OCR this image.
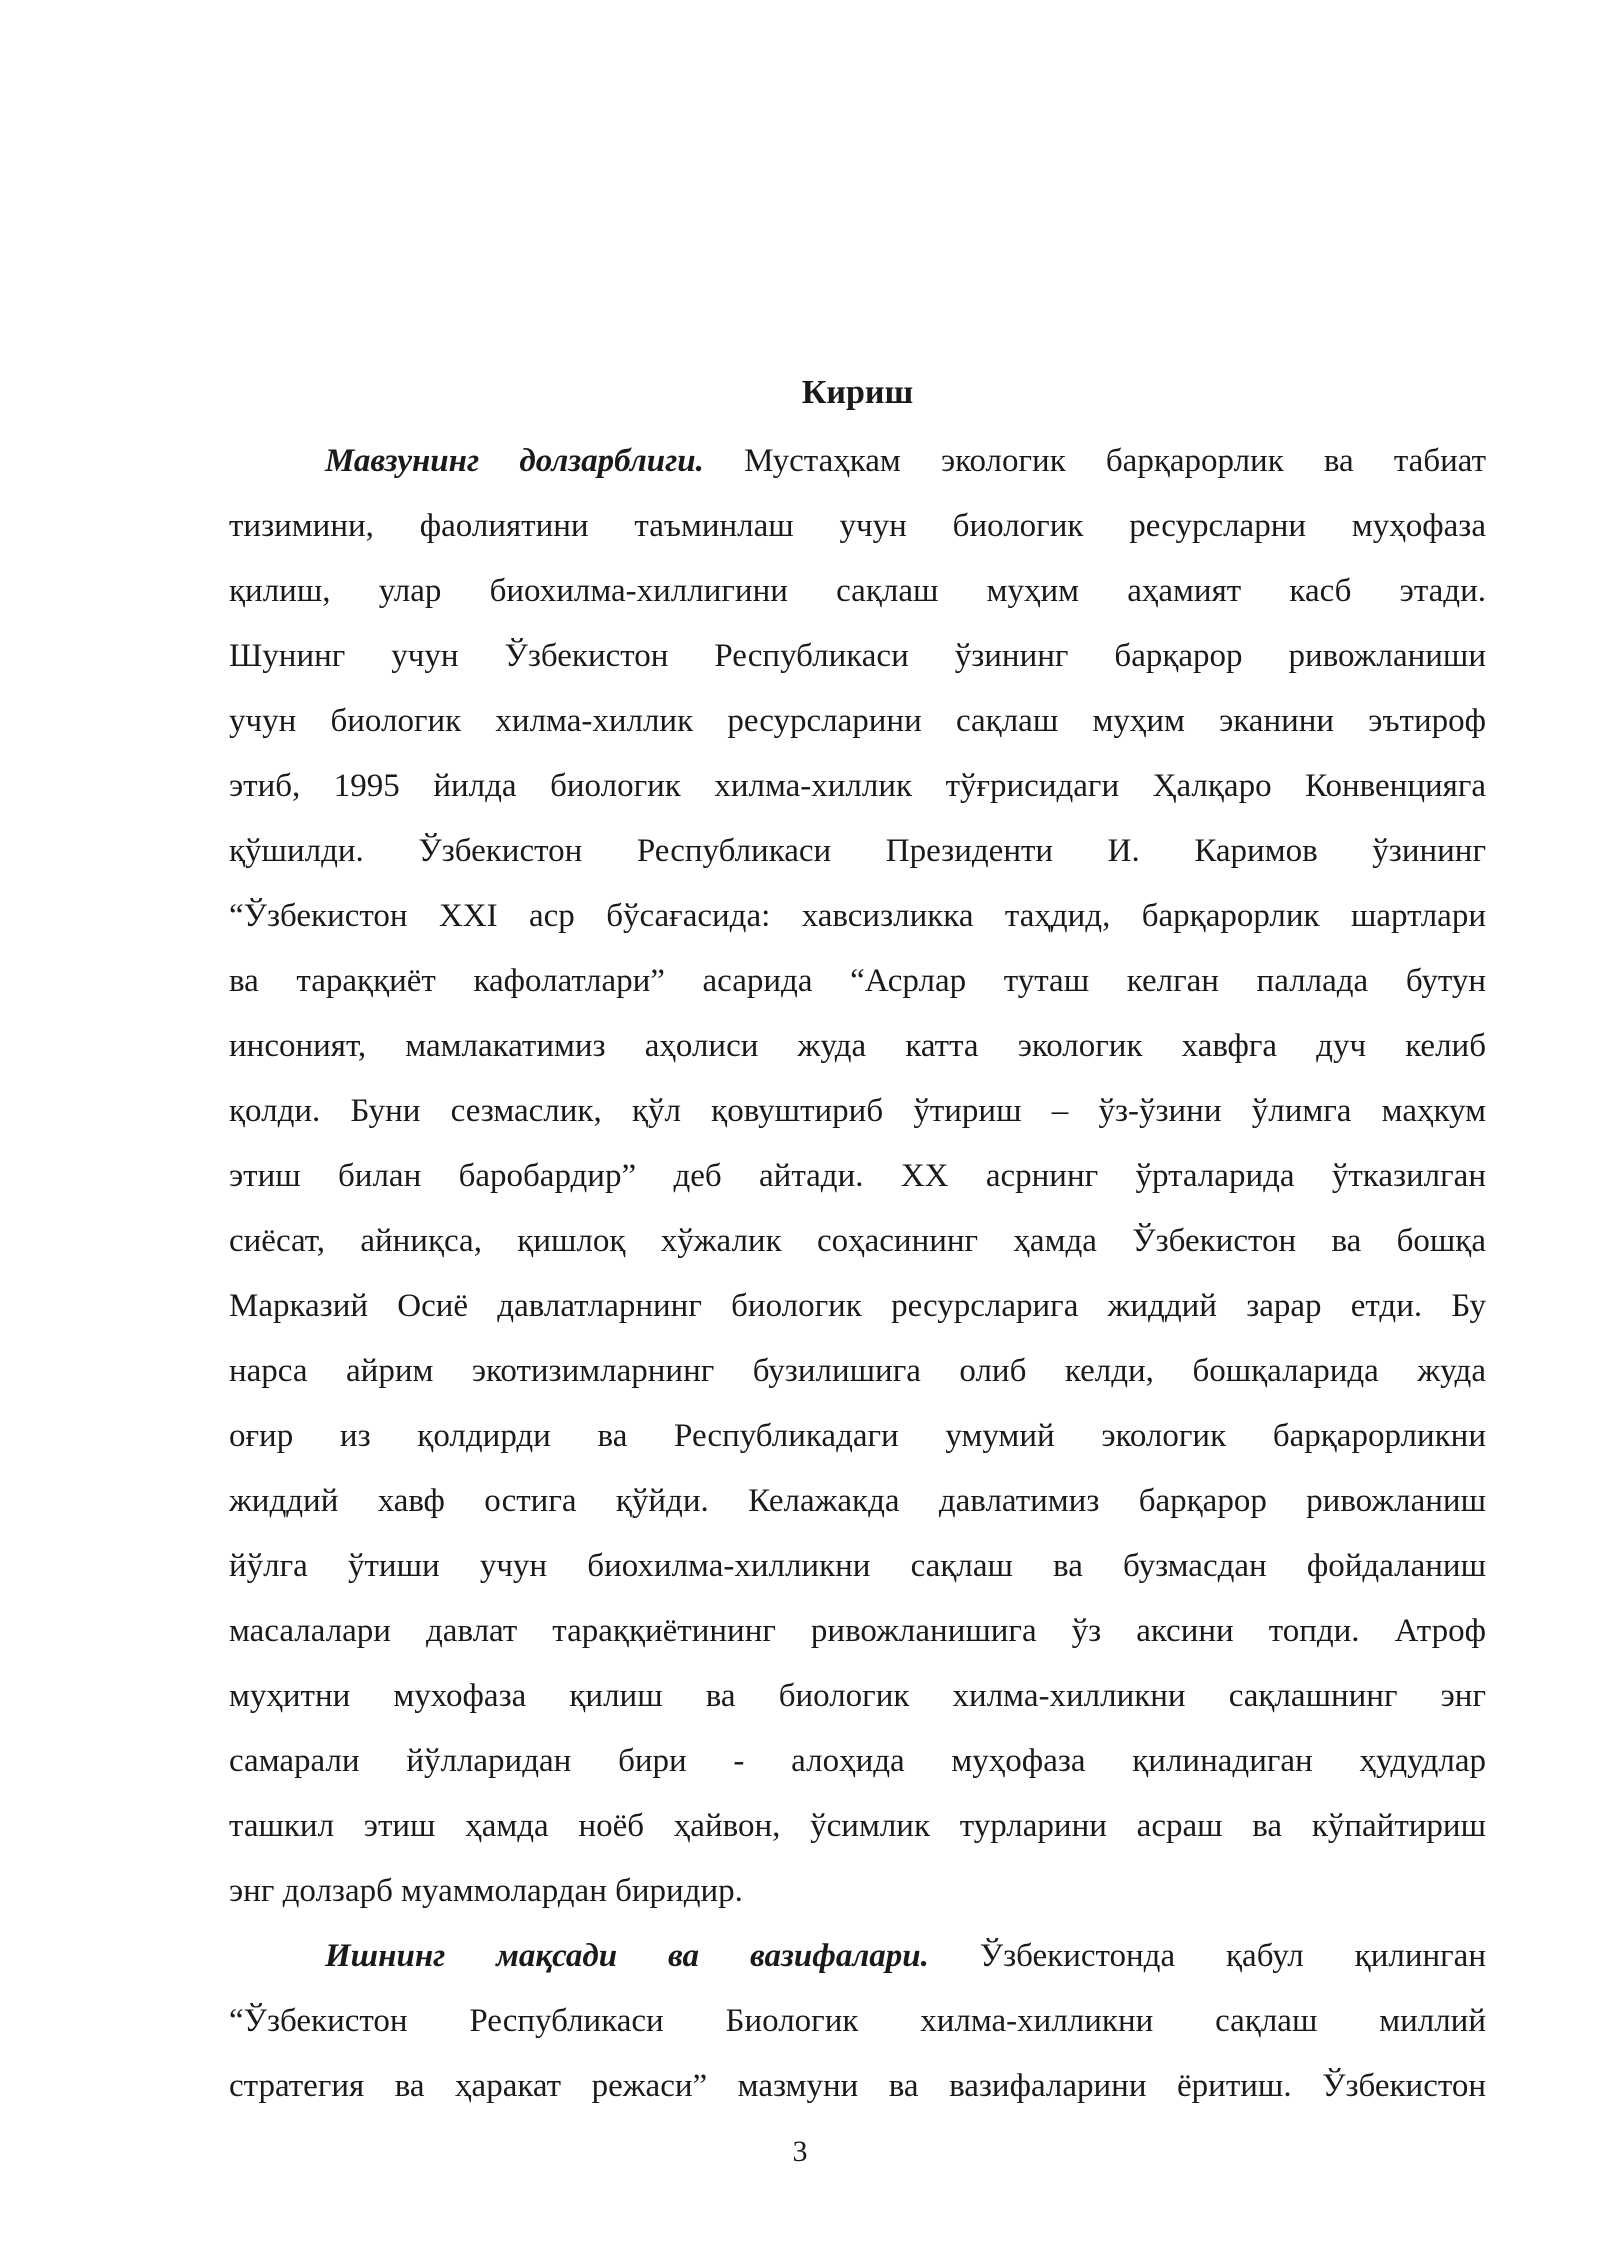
Кириш
Мавзунинг долзарблиги. Мустаҳкам экологик барқарорлик ва табиат
тизимини, фаолиятини таъминлаш учун биологик ресурсларни муҳофаза
қилиш, улар биохилма-хиллигини сақлаш муҳим аҳамият касб этади.
Шунинг учун Ўзбекистон Республикаси ўзининг барқарор ривожланиши
учун биологик хилма-хиллик ресурсларини сақлаш муҳим эканини эътироф
этиб, 1995 йилда биологик хилма-хиллик тўғрисидаги Ҳалқаро Конвенцияга
қўшилди. Ўзбекистон Республикаси Президенти И. Каримов ўзининг
“Ўзбекистон XXI аср бўсағасида: хавсизликка таҳдид, барқарорлик шартлари
ва тараққиёт кафолатлари” асарида “Асрлар туташ келган паллада бутун
инсоният, мамлакатимиз аҳолиси жуда катта экологик хавфга дуч келиб
қолди. Буни сезмаслик, қўл қовуштириб ўтириш – ўз-ўзини ўлимга маҳкум
этиш билан баробардир” деб айтади. XX асрнинг ўрталарида ўтказилган
сиёсат, айниқса, қишлоқ хўжалик соҳасининг ҳамда Ўзбекистон ва бошқа
Марказий Осиё давлатларнинг биологик ресурсларига жиддий зарар етди. Бу
нарса айрим экотизимларнинг бузилишига олиб келди, бошқаларида жуда
оғир из қолдирди ва Республикадаги умумий экологик барқарорликни
жиддий хавф остига қўйди. Келажакда давлатимиз барқарор ривожланиш
йўлга ўтиши учун биохилма-хилликни сақлаш ва бузмасдан фойдаланиш
масалалари давлат тараққиётининг ривожланишига ўз аксини топди. Атроф
муҳитни мухофаза қилиш ва биологик хилма-хилликни сақлашнинг энг
самарали йўлларидан бири - алоҳида муҳофаза қилинадиган ҳудудлар
ташкил этиш ҳамда ноёб ҳайвон, ўсимлик турларини асраш ва кўпайтириш
энг долзарб муаммолардан биридир.
Ишнинг мақсади ва вазифалари. Ўзбекистонда қабул қилинган
“Ўзбекистон Республикаси Биологик хилма-хилликни сақлаш миллий
стратегия ва ҳаракат режаси” мазмуни ва вазифаларини ёритиш. Ўзбекистон
3
